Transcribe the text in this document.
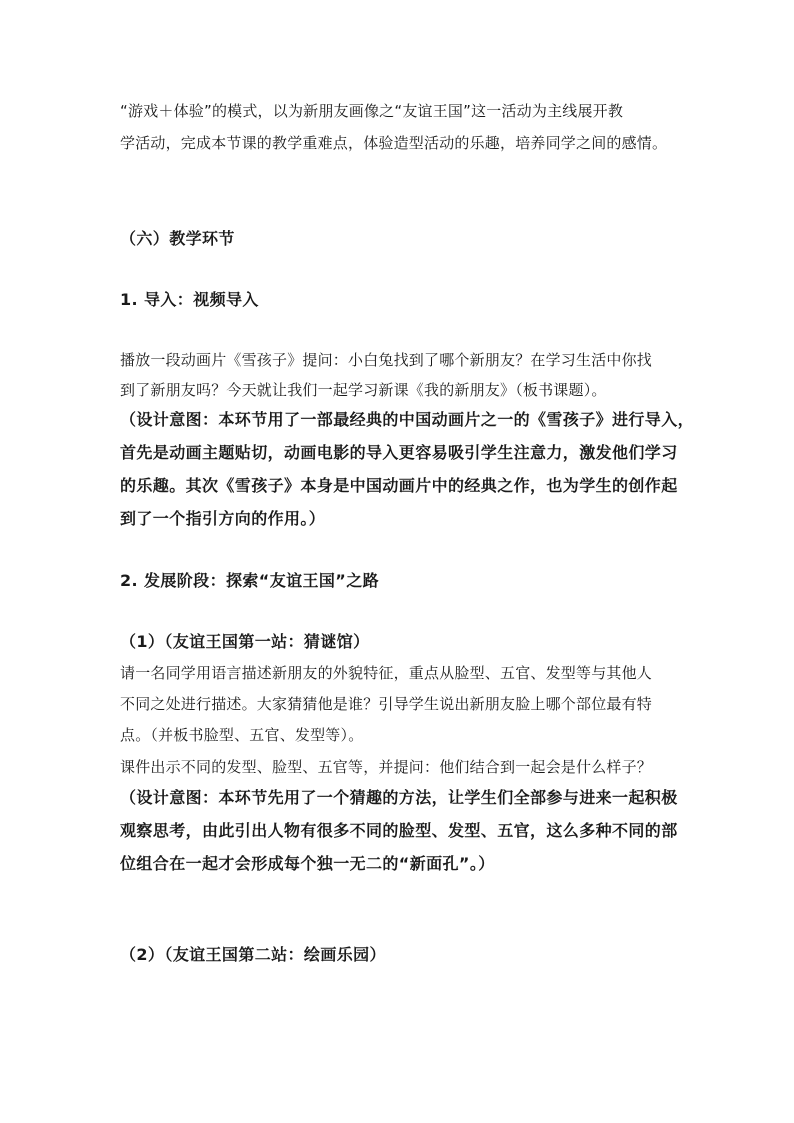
“游戏＋体验”的模式，以为新朋友画像之“友谊王国”这一活动为主线展开教
学活动，完成本节课的教学重难点，体验造型活动的乐趣，培养同学之间的感情。
（六）教学环节
1. 导入：视频导入
播放一段动画片《雪孩子》提问：小白兔找到了哪个新朋友？在学习生活中你找
到了新朋友吗？今天就让我们一起学习新课《我的新朋友》（板书课题）。
（设计意图：本环节用了一部最经典的中国动画片之一的《雪孩子》进行导入，
首先是动画主题贴切，动画电影的导入更容易吸引学生注意力，激发他们学习
的乐趣。其次《雪孩子》本身是中国动画片中的经典之作，也为学生的创作起
到了一个指引方向的作用。）
2. 发展阶段：探索“友谊王国”之路
（1）（友谊王国第一站：猜谜馆）
请一名同学用语言描述新朋友的外貌特征，重点从脸型、五官、发型等与其他人
不同之处进行描述。大家猜猜他是谁？引导学生说出新朋友脸上哪个部位最有特
点。（并板书脸型、五官、发型等）。
课件出示不同的发型、脸型、五官等，并提问：他们结合到一起会是什么样子？
（设计意图：本环节先用了一个猜趣的方法，让学生们全部参与进来一起积极
观察思考，由此引出人物有很多不同的脸型、发型、五官，这么多种不同的部
位组合在一起才会形成每个独一无二的“新面孔”。）
（2）（友谊王国第二站：绘画乐园）
